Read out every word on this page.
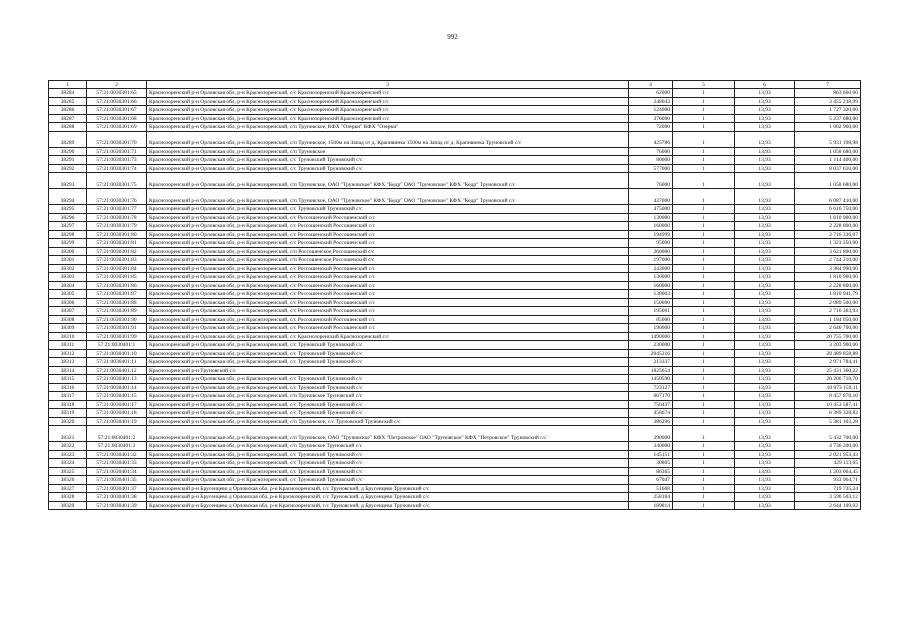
992
1	2	3	4	5	6	7
38284	57:21:0030301:65	Краснозоренский р-н Орловская обл, р-н Краснозоренский, с/с Краснозоренский Краснозоренский с/с	62000	1	13,93	863 660,00
38285	57:21:0030301:66	Краснозоренский р-н Орловская обл, р-н Краснозоренский, с/с Краснозоренский Краснозоренский с/с	248043	1	13,93	3 455 238,99
38286	57:21:0030301:67	Краснозоренский р-н Орловская обл, р-н Краснозоренский, с/с Краснозоренский Краснозоренский с/с	124000	1	13,93	1 727 320,00
38287	57:21:0030301:68	Краснозоренский р-н Орловская обл, р-н Краснозоренский, с/с Краснозоренский Краснозоренский с/с	376000	1	13,93	5 237 680,00
38288	57:21:0030301:69	Краснозоренский р-н Орловская обл, р-н Краснозоренский, с/п Труновское, КФХ "Озерки" КФХ "Озерки"	72000	1	13,93	1 002 960,00
38289	57:21:0030301:70	Краснозоренский р-н Орловская обл, р-н Краснозоренский, с/п Труновское, 1500м на Запад от д. Крапивинка 1500м на Запад от д. Крапивинка Труновский с/с	425786	1	13,93	5 931 198,98
38290	57:21:0030301:71	Краснозоренский р-н Орловская обл, р-н Краснозоренский, с/п Труновское	76000	1	13,93	1 058 680,00
38291	57:21:0030301:73	Краснозоренский р-н Орловская обл, р-н Краснозоренский, с/с Труновский Труновский с/с	80000	1	13,93	1 114 400,00
38292	57:21:0030301:74	Краснозоренский р-н Орловская обл, р-н Краснозоренский, с/с Труновский Труновский с/с	577000	1	13,93	8 037 610,00
38293	57:21:0030301:75	Краснозоренский р-н Орловская обл, р-н Краснозоренский, с/п Труновское, ОАО "Труновское" КФХ "Кедр" ОАО "Труновское" КФХ "Кедр" Труновский с/с	76000	1	13,93	1 058 680,00
38294	57:21:0030301:76	Краснозоренский р-н Орловская обл, р-н Краснозоренский, с/п Труновское, ОАО "Труновское" КФХ "Кедр" ОАО "Труновское" КФХ "Кедр" Труновский с/с	437000	1	13,93	6 087 410,00
38295	57:21:0030301:77	Краснозоренский р-н Орловская обл, р-н Краснозоренский, с/с Труновский Труновский с/с	475000	1	13,93	6 616 750,00
38296	57:21:0030301:78	Краснозоренский р-н Орловская обл, р-н Краснозоренский, с/с Россошенский Россошенский с/с	130000	1	13,93	1 810 900,00
38297	57:21:0030301:79	Краснозоренский р-н Орловская обл, р-н Краснозоренский, с/с Россошенский Россошенский с/с	160000	1	13,93	2 228 800,00
38298	57:21:0030301:80	Краснозоренский р-н Орловская обл, р-н Краснозоренский, с/с Россошенский Россошенский с/с	194999	1	13,93	2 716 336,07
38299	57:21:0030301:81	Краснозоренский р-н Орловская обл, р-н Краснозоренский, с/с Россошенский Россошенский с/с	95000	1	13,93	1 323 350,00
38300	57:21:0030301:82	Краснозоренский р-н Орловская обл, р-н Краснозоренский, с/п Россошенское Россошенский с/с	260000	1	13,93	3 621 800,00
38301	57:21:0030301:83	Краснозоренский р-н Орловская обл, р-н Краснозоренский, с/п Россошенское Россошенский с/с	197000	1	13,93	2 744 210,00
38302	57:21:0030301:84	Краснозоренский р-н Орловская обл, р-н Краснозоренский, с/с Россошенский Россошенский с/с	243000	1	13,93	3 384 990,00
38303	57:21:0030301:85	Краснозоренский р-н Орловская обл, р-н Краснозоренский, с/с Россошенский Россошенский с/с	130000	1	13,93	1 810 900,00
38304	57:21:0030301:86	Краснозоренский р-н Орловская обл, р-н Краснозоренский, с/с Россошенский Россошенский с/с	160000	1	13,93	2 228 800,00
38305	57:21:0030301:87	Краснозоренский р-н Орловская обл, р-н Краснозоренский, с/с Россошенский Россошенский с/с	130003	1	13,93	1 810 941,79
38306	57:21:0030301:88	Краснозоренский р-н Орловская обл, р-н Краснозоренский, с/с Россошенский Россошенский с/с	150000	1	13,93	2 089 500,00
38307	57:21:0030301:89	Краснозоренский р-н Орловская обл, р-н Краснозоренский, с/с Россошенский Россошенский с/с	195001	1	13,93	2 716 363,93
38308	57:21:0030301:90	Краснозоренский р-н Орловская обл, р-н Краснозоренский, с/с Россошенский Россошенский с/с	85000	1	13,93	1 184 050,00
38309	57:21:0030301:91	Краснозоренский р-н Орловская обл, р-н Краснозоренский, с/с Россошенский Россошенский с/с	190000	1	13,93	2 646 700,00
38310	57:21:0030301:99	Краснозоренский р-н Орловская обл, р-н Краснозоренский, с/с Краснозоренский Краснозоренский с/с	1490000	1	13,93	20 755 700,00
38311	57:21:0030401:1	Краснозоренский р-н Орловская обл, р-н Краснозоренский, с/с Труновский Труновский с/с	230000	1	13,93	3 203 900,00
38312	57:21:0030401:10	Краснозоренский р-н Орловская обл, р-н Краснозоренский, с/с Труновский Труновский с/с	2045216	1	13,93	28 489 858,88
38313	57:21:0030401:11	Краснозоренский р-н Орловская обл, р-н Краснозоренский, с/с Труновский Труновский с/с	213337	1	13,93	2 971 784,41
38314	57:21:0030401:12	Краснозоренский р-н Труновский с/с	1825654	1	13,93	25 431 360,22
38315	57:21:0030401:13	Краснозоренский р-н Орловская обл, р-н Краснозоренский, с/с Труновский Труновский с/с	1450590	1	13,93	20 206 718,70
38316	57:21:0030401:14	Краснозоренский р-н Орловская обл, р-н Краснозоренский, с/с Труновский Труновский с/с	723127	1	13,93	10 073 159,11
38317	57:21:0030401:15	Краснозоренский р-н Орловская обл, р-н Краснозоренский, с/п Труновское Труновский с/с	607170	1	13,93	8 457 878,10
38318	57:21:0030401:17	Краснозоренский р-н Орловская обл, р-н Краснозоренский, с/с Труновский Труновский с/с	750437	1	13,93	10 453 587,41
38319	57:21:0030401:18	Краснозоренский р-н Орловская обл, р-н Краснозоренский, с/с Труновский Труновский с/с	458674	1	13,93	6 389 328,82
38320	57:21:0030401:19	Краснозоренский р-н Орловская обл, р-н Краснозоренский, с/п Труновское, с/с Труновский Труновский с/с	386296	1	13,93	5 381 103,28
38321	57:21:0030401:2	Краснозоренский р-н Орловская обл, р-н Краснозоренский, с/п Труновское, ОАО "Труновское" КФХ "Петровское" ОАО "Труновское" КФХ "Петровское" Труновский с/с	390000	1	13,93	5 432 700,00
38322	57:21:0030401:3	Краснозоренский р-н Орловская обл, р-н Краснозоренский, с/п Труновское Труновский с/с	340000	1	13,93	4 736 200,00
38323	57:21:0030401:32	Краснозоренский р-н Орловская обл, р-н Краснозоренский, с/с Труновский Труновский с/с	145151	1	13,93	2 021 953,43
38324	57:21:0030401:33	Краснозоренский р-н Орловская обл, р-н Краснозоренский, с/с Труновский Труновский с/с	30805	1	13,93	429 113,65
38325	57:21:0030401:34	Краснозоренский р-н Орловская обл, р-н Краснозоренский, с/с Труновский Труновский с/с	86365	1	13,93	1 203 064,45
38326	57:21:0030401:35	Краснозоренский р-н Орловская обл, р-н Краснозоренский, с/с Труновский Труновский с/с	67047	1	13,93	933 964,71
38327	57:21:0030401:37	Краснозоренский р-н Брусенцево д Орловская обл, р-н Краснозоренский, с/с Труновский, д Брусенцево Труновский с/с	51668	1	13,93	719 735,24
38328	57:21:0030401:38	Краснозоренский р-н Брусенцево д Орловская обл, р-н Краснозоренский, с/с Труновский, д Брусенцево Труновский с/с	258184	1	13,93	3 596 503,12
38329	57:21:0030401:39	Краснозоренский р-н Брусенцево д Орловская обл, р-н Краснозоренский, с/с Труновский, д Брусенцево Труновский с/с	189814	1	13,93	2 644 109,02
